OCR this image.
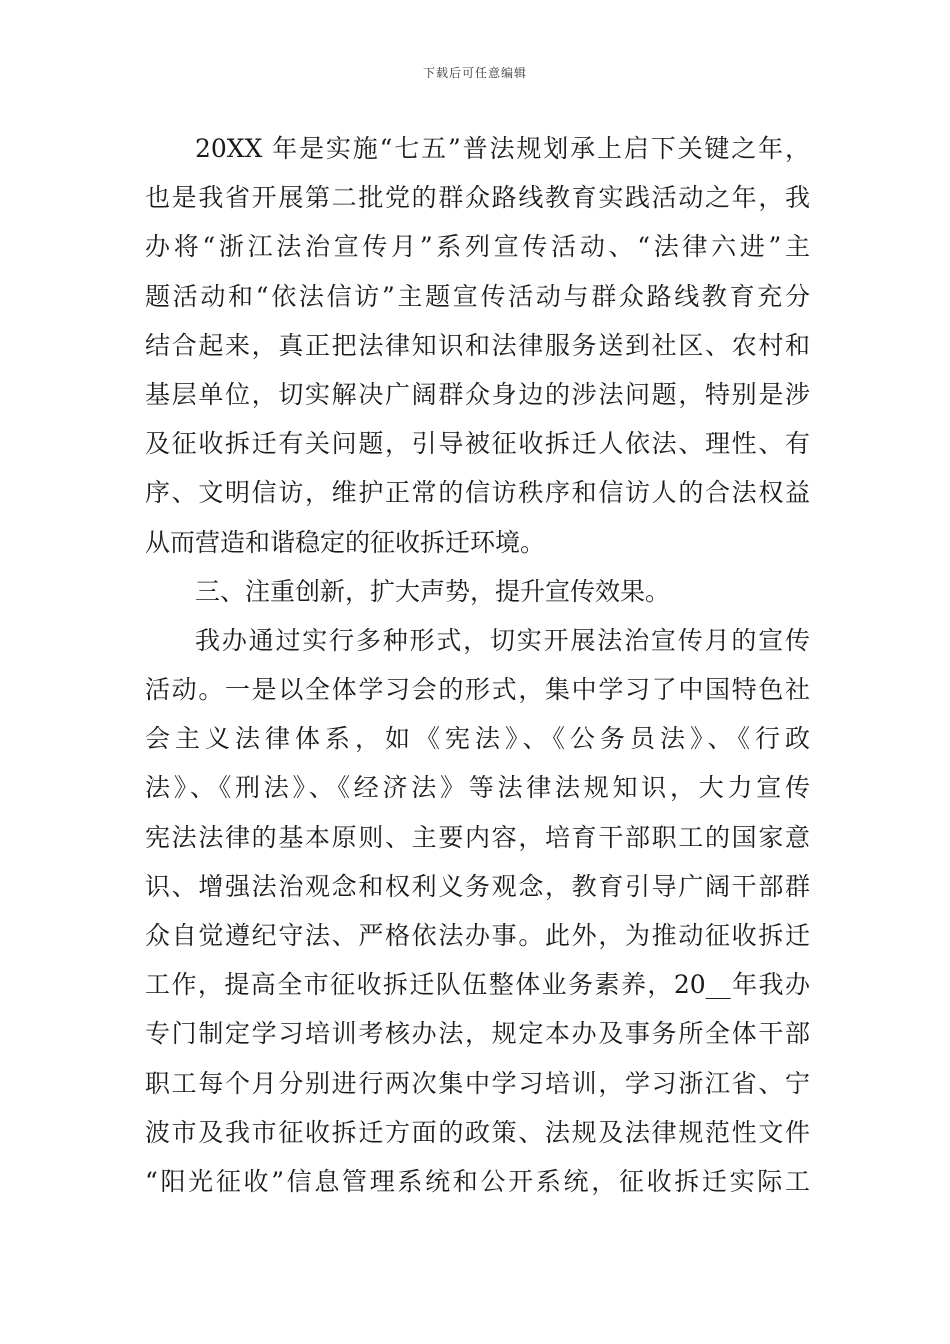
下载后可任意编辑
20XX 年是实施“七五”普法规划承上启下关键之年，
也是我省开展第二批党的群众路线教育实践活动之年，我
办将“浙江法治宣传月”系列宣传活动、“法律六进”主
题活动和“依法信访”主题宣传活动与群众路线教育充分
结合起来，真正把法律知识和法律服务送到社区、农村和
基层单位，切实解决广阔群众身边的涉法问题，特别是涉
及征收拆迁有关问题，引导被征收拆迁人依法、理性、有
序、文明信访，维护正常的信访秩序和信访人的合法权益
从而营造和谐稳定的征收拆迁环境。
三、注重创新，扩大声势，提升宣传效果。
我办通过实行多种形式，切实开展法治宣传月的宣传
活动。一是以全体学习会的形式，集中学习了中国特色社
会主义法律体系，如《宪法》、《公务员法》、《行政
法》、《刑法》、《经济法》等法律法规知识，大力宣传
宪法法律的基本原则、主要内容，培育干部职工的国家意
识、增强法治观念和权利义务观念，教育引导广阔干部群
众自觉遵纪守法、严格依法办事。此外，为推动征收拆迁
工作，提高全市征收拆迁队伍整体业务素养，20__年我办
专门制定学习培训考核办法，规定本办及事务所全体干部
职工每个月分别进行两次集中学习培训，学习浙江省、宁
波市及我市征收拆迁方面的政策、法规及法律规范性文件
“阳光征收”信息管理系统和公开系统，征收拆迁实际工
